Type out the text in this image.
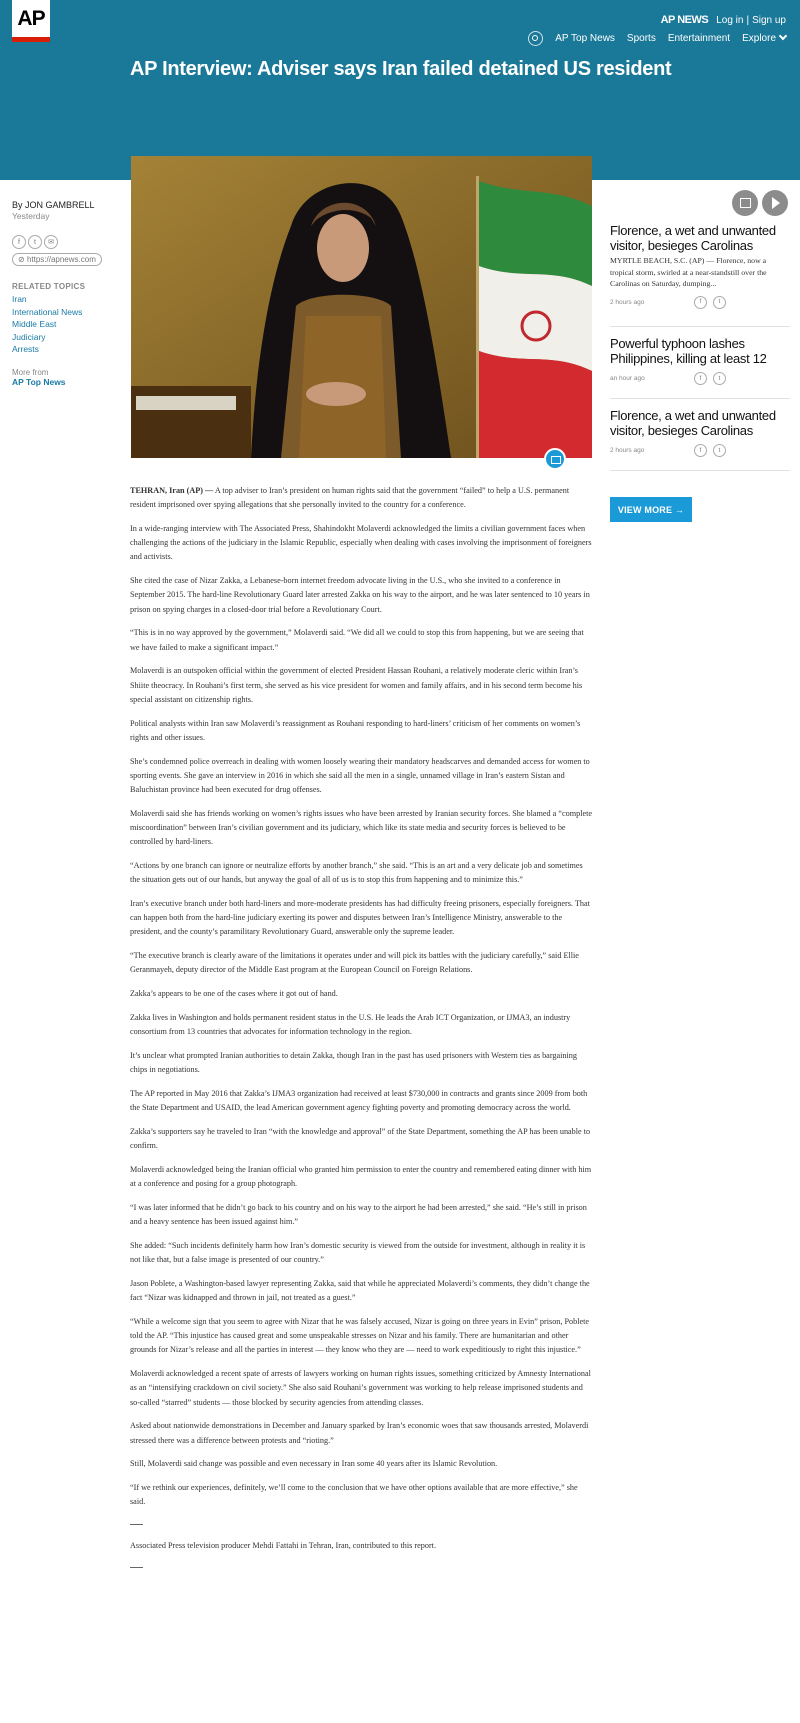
AP	AP NEWS Log in | Sign up
AP Top News Sports Entertainment Explore
AP Interview: Adviser says Iran failed detained US resident
By JON GAMBRELL
Yesterday
f	t	✉
⊘ https://apnews.com
RELATED TOPICS
Iran
International News
Middle East
Judiciary
Arrests
More from
AP Top News

TEHRAN, Iran (AP) — A top adviser to Iran’s president on human rights said that the government “failed” to help a U.S. permanent resident imprisoned over spying allegations that she personally invited to the country for a conference.

In a wide-ranging interview with The Associated Press, Shahindokht Molaverdi acknowledged the limits a civilian government faces when challenging the actions of the judiciary in the Islamic Republic, especially when dealing with cases involving the imprisonment of foreigners and activists.

She cited the case of Nizar Zakka, a Lebanese-born internet freedom advocate living in the U.S., who she invited to a conference in September 2015. The hard-line Revolutionary Guard later arrested Zakka on his way to the airport, and he was later sentenced to 10 years in prison on spying charges in a closed-door trial before a Revolutionary Court.

“This is in no way approved by the government,” Molaverdi said. “We did all we could to stop this from happening, but we are seeing that we have failed to make a significant impact.”

Molaverdi is an outspoken official within the government of elected President Hassan Rouhani, a relatively moderate cleric within Iran’s Shiite theocracy. In Rouhani’s first term, she served as his vice president for women and family affairs, and in his second term become his special assistant on citizenship rights.

Political analysts within Iran saw Molaverdi’s reassignment as Rouhani responding to hard-liners’ criticism of her comments on women’s rights and other issues.

She’s condemned police overreach in dealing with women loosely wearing their mandatory headscarves and demanded access for women to sporting events. She gave an interview in 2016 in which she said all the men in a single, unnamed village in Iran’s eastern Sistan and Baluchistan province had been executed for drug offenses.

Molaverdi said she has friends working on women’s rights issues who have been arrested by Iranian security forces. She blamed a “complete miscoordination” between Iran’s civilian government and its judiciary, which like its state media and security forces is believed to be controlled by hard-liners.

“Actions by one branch can ignore or neutralize efforts by another branch,” she said. “This is an art and a very delicate job and sometimes the situation gets out of our hands, but anyway the goal of all of us is to stop this from happening and to minimize this.”

Iran’s executive branch under both hard-liners and more-moderate presidents has had difficulty freeing prisoners, especially foreigners. That can happen both from the hard-line judiciary exerting its power and disputes between Iran’s Intelligence Ministry, answerable to the president, and the county’s paramilitary Revolutionary Guard, answerable only the supreme leader.

“The executive branch is clearly aware of the limitations it operates under and will pick its battles with the judiciary carefully,” said Ellie Geranmayeh, deputy director of the Middle East program at the European Council on Foreign Relations.

Zakka’s appears to be one of the cases where it got out of hand.

Zakka lives in Washington and holds permanent resident status in the U.S. He leads the Arab ICT Organization, or IJMA3, an industry consortium from 13 countries that advocates for information technology in the region.

It’s unclear what prompted Iranian authorities to detain Zakka, though Iran in the past has used prisoners with Western ties as bargaining chips in negotiations.

The AP reported in May 2016 that Zakka’s IJMA3 organization had received at least $730,000 in contracts and grants since 2009 from both the State Department and USAID, the lead American government agency fighting poverty and promoting democracy across the world.

Zakka’s supporters say he traveled to Iran “with the knowledge and approval” of the State Department, something the AP has been unable to confirm.

Molaverdi acknowledged being the Iranian official who granted him permission to enter the country and remembered eating dinner with him at a conference and posing for a group photograph.

“I was later informed that he didn’t go back to his country and on his way to the airport he had been arrested,” she said. “He’s still in prison and a heavy sentence has been issued against him.”

She added: “Such incidents definitely harm how Iran’s domestic security is viewed from the outside for investment, although in reality it is not like that, but a false image is presented of our country.”

Jason Poblete, a Washington-based lawyer representing Zakka, said that while he appreciated Molaverdi’s comments, they didn’t change the fact “Nizar was kidnapped and thrown in jail, not treated as a guest.”

“While a welcome sign that you seem to agree with Nizar that he was falsely accused, Nizar is going on three years in Evin” prison, Poblete told the AP. “This injustice has caused great and some unspeakable stresses on Nizar and his family. There are humanitarian and other grounds for Nizar’s release and all the parties in interest — they know who they are — need to work expeditiously to right this injustice.”

Molaverdi acknowledged a recent spate of arrests of lawyers working on human rights issues, something criticized by Amnesty International as an “intensifying crackdown on civil society.” She also said Rouhani’s government was working to help release imprisoned students and so-called “starred” students — those blocked by security agencies from attending classes.

Asked about nationwide demonstrations in December and January sparked by Iran’s economic woes that saw thousands arrested, Molaverdi stressed there was a difference between protests and “rioting.”

Still, Molaverdi said change was possible and even necessary in Iran some 40 years after its Islamic Revolution.

“If we rethink our experiences, definitely, we’ll come to the conclusion that we have other options available that are more effective,” she said.

Associated Press television producer Mehdi Fattahi in Tehran, Iran, contributed to this report.

Florence, a wet and unwanted visitor, besieges Carolinas
MYRTLE BEACH, S.C. (AP) — Florence, now a tropical storm, swirled at a near-standstill over the Carolinas on Saturday, dumping...
2 hours ago	f	t
Powerful typhoon lashes Philippines, killing at least 12
an hour ago	f	t
Florence, a wet and unwanted visitor, besieges Carolinas
2 hours ago	f	t
VIEW MORE →
